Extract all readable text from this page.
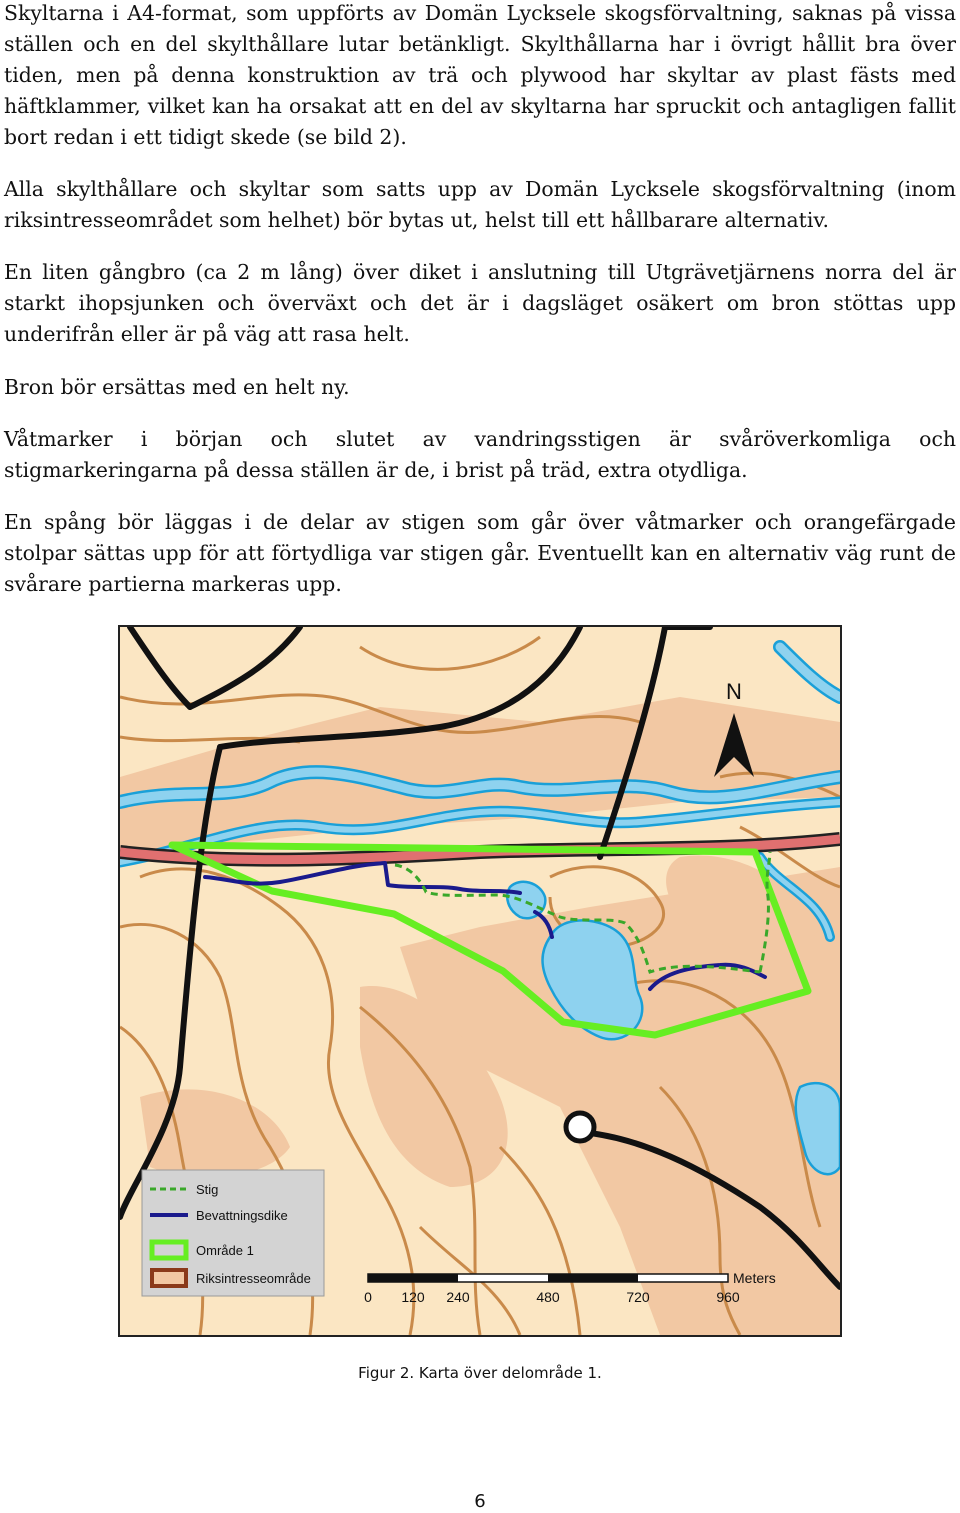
Skyltarna i A4-format, som uppförts av Domän Lycksele skogsförvaltning, saknas på vissa ställen och en del skylthållare lutar betänkligt. Skylthållarna har i övrigt hållit bra över tiden, men på denna konstruktion av trä och plywood har skyltar av plast fästs med häftklammer, vilket kan ha orsakat att en del av skyltarna har spruckit och antagligen fallit bort redan i ett tidigt skede (se bild 2).

Alla skylthållare och skyltar som satts upp av Domän Lycksele skogsförvaltning (inom riksintresseområdet som helhet) bör bytas ut, helst till ett hållbarare alternativ.

En liten gångbro (ca 2 m lång) över diket i anslutning till Utgrävetjärnens norra del är starkt ihopsjunken och överväxt och det är i dagsläget osäkert om bron stöttas upp underifrån eller är på väg att rasa helt.

Bron bör ersättas med en helt ny.

Våtmarker i början och slutet av vandringsstigen är svåröverkomliga och stigmarkeringarna på dessa ställen är de, i brist på träd, extra otydliga.

En spång bör läggas i de delar av stigen som går över våtmarker och orangefärgade stolpar sättas upp för att förtydliga var stigen går. Eventuellt kan en alternativ väg runt de svårare partierna markeras upp.

N
Stig
Bevattningsdike
Område 1
Riksintresseområde	Meters
0 120 240	480	720	960
Figur 2. Karta över delområde 1.
6
